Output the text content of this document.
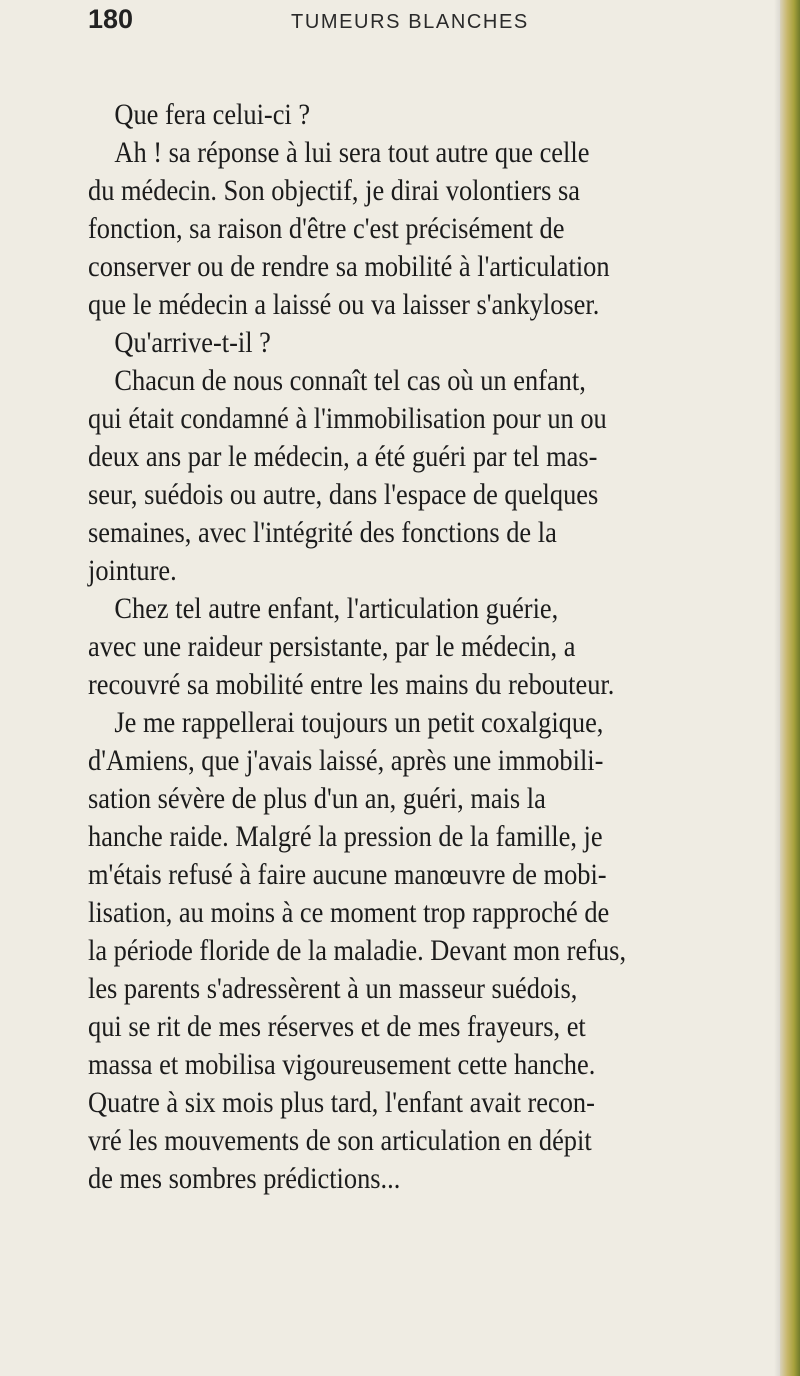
180	TUMEURS BLANCHES
Que fera celui-ci ?
Ah ! sa réponse à lui sera tout autre que celle
du médecin. Son objectif, je dirai volontiers sa
fonction, sa raison d'être c'est précisément de
conserver ou de rendre sa mobilité à l'articulation
que le médecin a laissé ou va laisser s'ankyloser.
Qu'arrive-t-il ?
Chacun de nous connaît tel cas où un enfant,
qui était condamné à l'immobilisation pour un ou
deux ans par le médecin, a été guéri par tel mas-
seur, suédois ou autre, dans l'espace de quelques
semaines, avec l'intégrité des fonctions de la
jointure.
Chez tel autre enfant, l'articulation guérie,
avec une raideur persistante, par le médecin, a
recouvré sa mobilité entre les mains du rebouteur.
Je me rappellerai toujours un petit coxalgique,
d'Amiens, que j'avais laissé, après une immobili-
sation sévère de plus d'un an, guéri, mais la
hanche raide. Malgré la pression de la famille, je
m'étais refusé à faire aucune manœuvre de mobi-
lisation, au moins à ce moment trop rapproché de
la période floride de la maladie. Devant mon refus,
les parents s'adressèrent à un masseur suédois,
qui se rit de mes réserves et de mes frayeurs, et
massa et mobilisa vigoureusement cette hanche.
Quatre à six mois plus tard, l'enfant avait recon-
vré les mouvements de son articulation en dépit
de mes sombres prédictions...
